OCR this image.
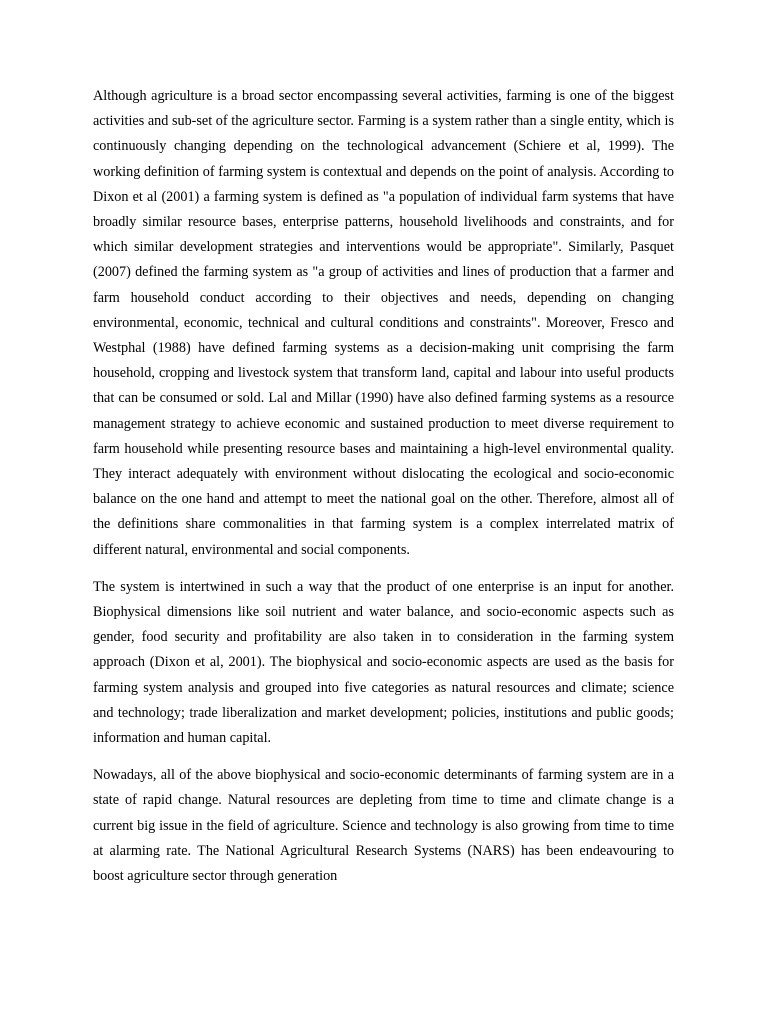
Although agriculture is a broad sector encompassing several activities, farming is one of the biggest activities and sub-set of the agriculture sector. Farming is a system rather than a single entity, which is continuously changing depending on the technological advancement (Schiere et al, 1999). The working definition of farming system is contextual and depends on the point of analysis. According to Dixon et al (2001) a farming system is defined as "a population of individual farm systems that have broadly similar resource bases, enterprise patterns, household livelihoods and constraints, and for which similar development strategies and interventions would be appropriate". Similarly, Pasquet (2007) defined the farming system as "a group of activities and lines of production that a farmer and farm household conduct according to their objectives and needs, depending on changing environmental, economic, technical and cultural conditions and constraints". Moreover, Fresco and Westphal (1988) have defined farming systems as a decision-making unit comprising the farm household, cropping and livestock system that transform land, capital and labour into useful products that can be consumed or sold. Lal and Millar (1990) have also defined farming systems as a resource management strategy to achieve economic and sustained production to meet diverse requirement to farm household while presenting resource bases and maintaining a high-level environmental quality. They interact adequately with environment without dislocating the ecological and socio-economic balance on the one hand and attempt to meet the national goal on the other. Therefore, almost all of the definitions share commonalities in that farming system is a complex interrelated matrix of different natural, environmental and social components.

The system is intertwined in such a way that the product of one enterprise is an input for another. Biophysical dimensions like soil nutrient and water balance, and socio-economic aspects such as gender, food security and profitability are also taken in to consideration in the farming system approach (Dixon et al, 2001). The biophysical and socio-economic aspects are used as the basis for farming system analysis and grouped into five categories as natural resources and climate; science and technology; trade liberalization and market development; policies, institutions and public goods; information and human capital.

Nowadays, all of the above biophysical and socio-economic determinants of farming system are in a state of rapid change. Natural resources are depleting from time to time and climate change is a current big issue in the field of agriculture. Science and technology is also growing from time to time at alarming rate. The National Agricultural Research Systems (NARS) has been endeavouring to boost agriculture sector through generation
